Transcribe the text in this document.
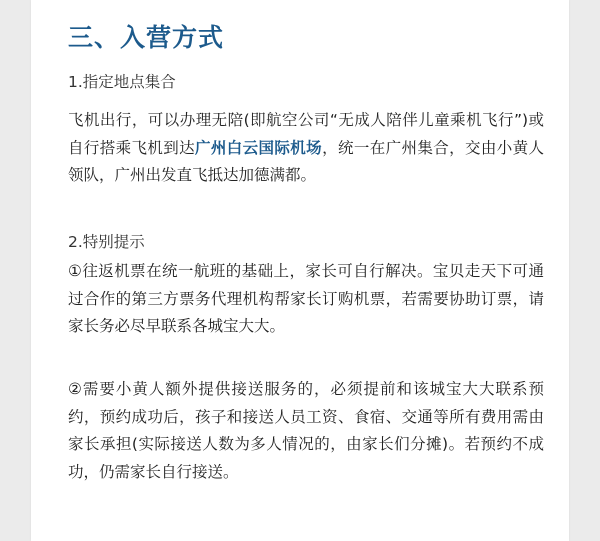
三、入营方式
1.指定地点集合
飞机出行，可以办理无陪(即航空公司“无成人陪伴儿童乘机飞行”)或自行搭乘飞机到达广州白云国际机场，统一在广州集合，交由小黄人领队，广州出发直飞抵达加德满都。
2.特别提示
①往返机票在统一航班的基础上，家长可自行解决。宝贝走天下可通过合作的第三方票务代理机构帮家长订购机票，若需要协助订票，请家长务必尽早联系各城宝大大。
②需要小黄人额外提供接送服务的，必须提前和该城宝大大联系预约，预约成功后，孩子和接送人员工资、食宿、交通等所有费用需由家长承担(实际接送人数为多人情况的，由家长们分摊)。若预约不成功，仍需家长自行接送。
